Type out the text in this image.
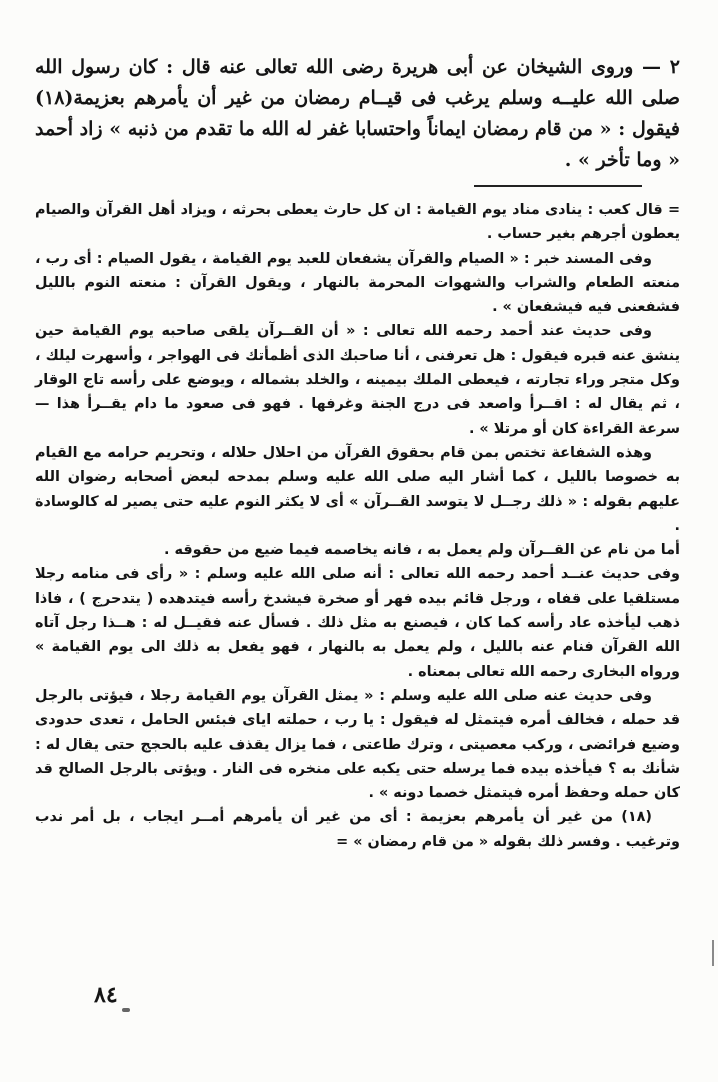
٢ — وروى الشيخان عن أبى هريرة رضى الله تعالى عنه قال : كان رسول الله صلى الله عليــه وسلم يرغب فى قيــام رمضان من غير أن يأمرهم بعزيمة(١٨) فيقول : « من قام رمضان ايماناً واحتسابا غفر له الله ما تقدم من ذنبه » زاد أحمد « وما تأخر » .

= قال كعب : ينادى مناد يوم القيامة : ان كل حارث يعطى بحرثه ، ويزاد أهل القرآن والصيام يعطون أجرهم بغير حساب .

وفى المسند خبر : « الصيام والقرآن يشفعان للعبد يوم القيامة ، يقول الصيام : أى رب ، منعته الطعام والشراب والشهوات المحرمة بالنهار ، ويقول القرآن : منعته النوم بالليل فشفعنى فيه فيشفعان » .

وفى حديث عند أحمد رحمه الله تعالى : « أن القــرآن يلقى صاحبه يوم القيامة حين ينشق عنه قبره فيقول : هل تعرفنى ، أنا صاحبك الذى أظمأتك فى الهواجر ، وأسهرت ليلك ، وكل متجر وراء تجارته ، فيعطى الملك بيمينه ، والخلد بشماله ، ويوضع على رأسه تاج الوقار ، ثم يقال له : اقــرأ واصعد فى درج الجنة وغرفها . فهو فى صعود ما دام يقــرأ هذا — سرعة القراءة كان أو مرتلا » .

وهذه الشفاعة تختص بمن قام بحقوق القرآن من احلال حلاله ، وتحريم حرامه مع القيام به خصوصا بالليل ، كما أشار اليه صلى الله عليه وسلم بمدحه لبعض أصحابه رضوان الله عليهم بقوله : « ذلك رجــل لا يتوسد القــرآن » أى لا يكثر النوم عليه حتى يصير له كالوسادة .

أما من نام عن القــرآن ولم يعمل به ، فانه يخاصمه فيما ضيع من حقوقه .

وفى حديث عنــد أحمد رحمه الله تعالى : أنه صلى الله عليه وسلم : « رأى فى منامه رجلا مستلقيا على قفاه ، ورجل قائم بيده فهر أو صخرة فيشدخ رأسه فيتدهده ( يتدحرج ) ، فاذا ذهب ليأخذه عاد رأسه كما كان ، فيصنع به مثل ذلك . فسأل عنه فقيــل له : هــذا رجل آتاه الله القرآن فنام عنه بالليل ، ولم يعمل به بالنهار ، فهو يفعل به ذلك الى يوم القيامة » ورواه البخارى رحمه الله تعالى بمعناه .

وفى حديث عنه صلى الله عليه وسلم : « يمثل القرآن يوم القيامة رجلا ، فيؤتى بالرجل قد حمله ، فخالف أمره فيتمثل له فيقول : يا رب ، حملته اياى فبئس الحامل ، تعدى حدودى وضيع فرائضى ، وركب معصيتى ، وترك طاعتى ، فما يزال يقذف عليه بالحجج حتى يقال له : شأنك به ؟ فيأخذه بيده فما يرسله حتى يكبه على منخره فى النار . ويؤتى بالرجل الصالح قد كان حمله وحفظ أمره فيتمثل خصما دونه » .

(١٨) من غير أن يأمرهم بعزيمة : أى من غير أن يأمرهم أمــر ايجاب ، بل أمر ندب وترغيب . وفسر ذلك بقوله « من قام رمضان » =

٨٤
